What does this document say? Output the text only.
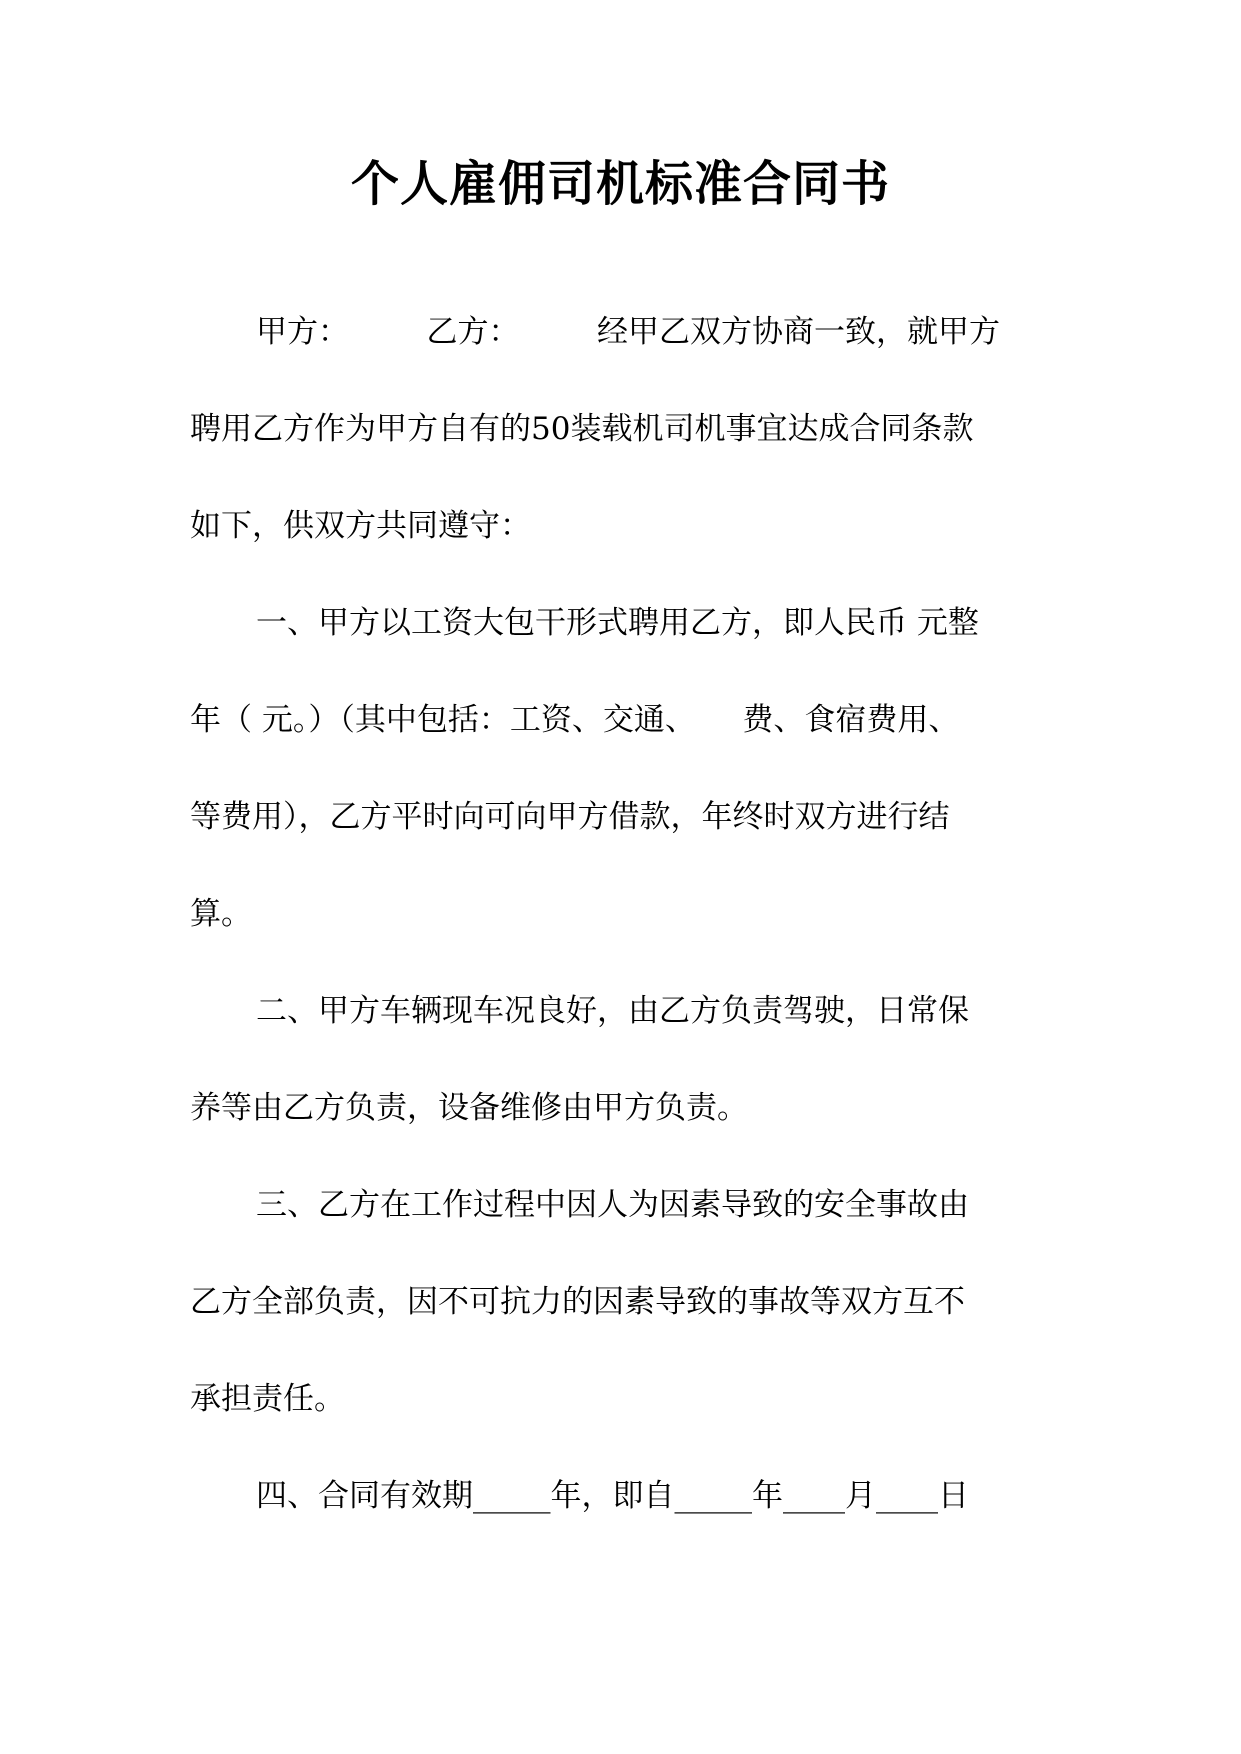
个人雇佣司机标准合同书
甲方：　　　乙方：　　　经甲乙双方协商一致，就甲方
聘用乙方作为甲方自有的50装载机司机事宜达成合同条款
如下，供双方共同遵守：
一、甲方以工资大包干形式聘用乙方，即人民币 元整
年（ 元。）（其中包括：工资、交通、　　费、食宿费用、
等费用），乙方平时向可向甲方借款，年终时双方进行结
算。
二、甲方车辆现车况良好，由乙方负责驾驶，日常保
养等由乙方负责，设备维修由甲方负责。
三、乙方在工作过程中因人为因素导致的安全事故由
乙方全部负责，因不可抗力的因素导致的事故等双方互不
承担责任。
四、合同有效期_____年，即自_____年____月____日
